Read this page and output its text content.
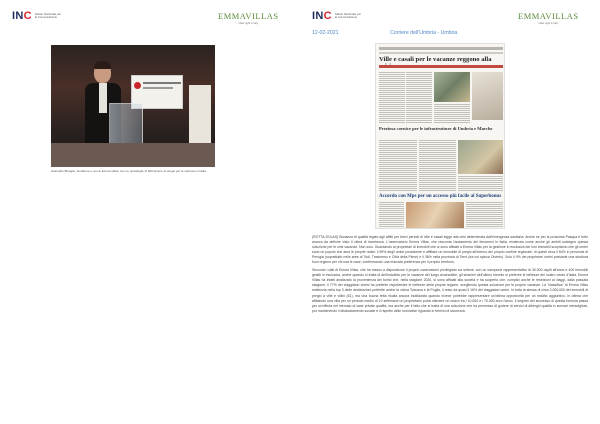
INC Istituto Nazionale per la Comunicazione	EMMAVILLAS
villas right in italy
Giancarlo Bisoglio, fondatore e ceo di Emma Villas, con un portafoglio di 600 dimore di pregio per le vacanze in Italia
INC Istituto Nazionale per la Comunicazione	EMMAVILLAS
villas right in italy
12-02-2021	Corriere dell'Umbria - Umbria
Ville e casali per le vacanze reggono alla
Preziosa cornice per le infrastrutture di Umbria e Marche
Accordo con Mps per un accesso più facile al Superbonus

(ROTTA-SOLAS) Bonanza di qualità legato agli affitti per brevi periodi di ville e casali legge alla crisi determinata dall'emergenza sanitaria. Anche se per la prossima Pasqua è tutto ancora da definire visto il clima di incertezza. L'osservatorio Emma Villas, che racconta l'andamento dei fenomeni in Italia, evidenzia come anche gli ambiti sostegno questa soluzione per le crisi vacanze. Non solo. Guardando ai proprietari di immobili che si sono affidati a Emma Villas per la gestione in esclusiva dei loro immobili scopriamo che gli umbri sono un popolo che ama le proprie radici: il 59% degli umbri possidente e affittare un immobile di pregio all'interno del proprio confine regionale; di questi circa il 64% in provincia di Perugia (soprattutto nelle aree di Todi, Trasimeno e Città della Pieve) e il 36% nella provincia di Terni (tra cui spicca Orvieto). Solo il 4% dei proprietari umbri possiede una struttura fuori regione per chi usa le case, confermando una marcata preferenza per il proprio territorio.

Secondo i dati di Emma Villas, che ha messo a disposizione il proprio osservatorio privilegiato sul settore, con un campione rappresentativo di 30.000 ospiti all'anno e 400 immobili gestiti in esclusiva, anche quando si tratta di dell'indubbio per le vacanze del luogo accessibile, gli stranieri dell'ultimo biennio si preferire le bellezze del nostro verde d'Italia. Emma Villas ha infatti analizzato la provenienza dei turisti che, nella stagione 2020, si sono affidati alla società e ha scoperto che, complici anche le restrizioni ai viaggi, dalla passata stagione, il 77% dei viaggiatori cinesi ha preferito rispolverare le bellezze della propria regione, scegliendo questa soluzione per le proprie vacanze. La "classifica" di Emma Villas evidenzia nella top 3 delle destinazioni preferite anche la vicina Toscana e la Puglia, il resto da quasi il 16% dei viaggiatori umbri. In tutta la stessa di circa 2.000.000 dei immobili di pregio a ville e villini (61), ma una buona fetta risulta ancora inutilizzata quando invece potrebbe rappresentare un'ottima opportunità per un reddito aggiuntivo, in ottima che affidando una villa per un periodo medio di 10 settimane un proprietario potrà ottenere un ricavo tra i 10.000 e i 70.000 euro l'anno. Il segreto del successo di questa formula passa per un'offerta nel mercato di case private qualità, ma anche per il fatto che si tratta di una soluzione che ha permesso di godere di servizi di alberghi qualità in scenari meravigliosi, pur mantenendo il distanziamento sociale e il rispetto delle normative riguardo in termini di sicurezza.
